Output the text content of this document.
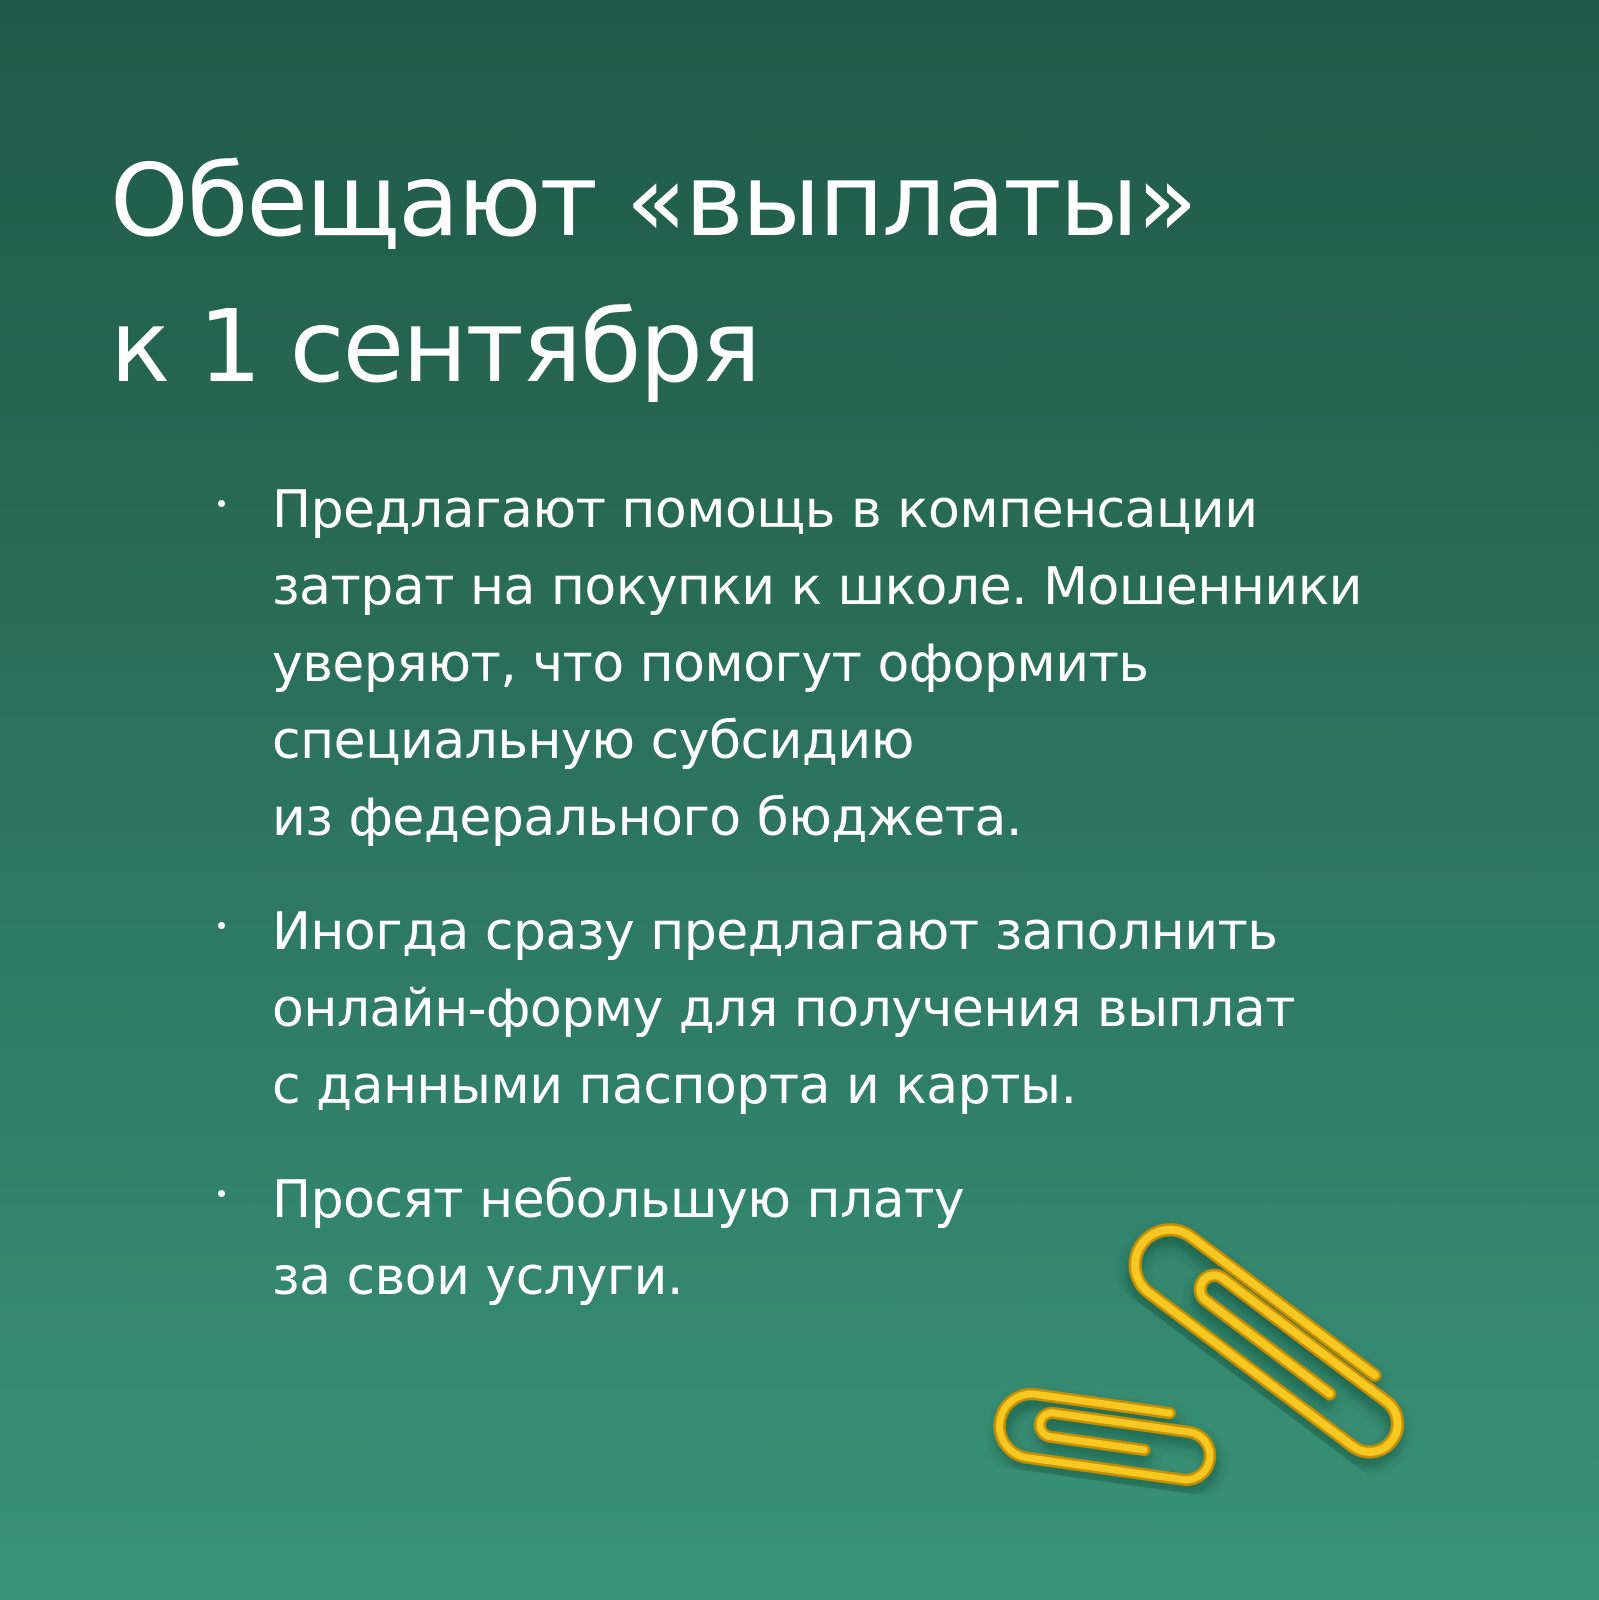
Обещают «выплаты»
к 1 сентября
Предлагают помощь в компенсации
затрат на покупки к школе. Мошенники
уверяют, что помогут оформить
специальную субсидию
из федерального бюджета.
Иногда сразу предлагают заполнить
онлайн-форму для получения выплат
с данными паспорта и карты.
Просят небольшую плату
за свои услуги.
